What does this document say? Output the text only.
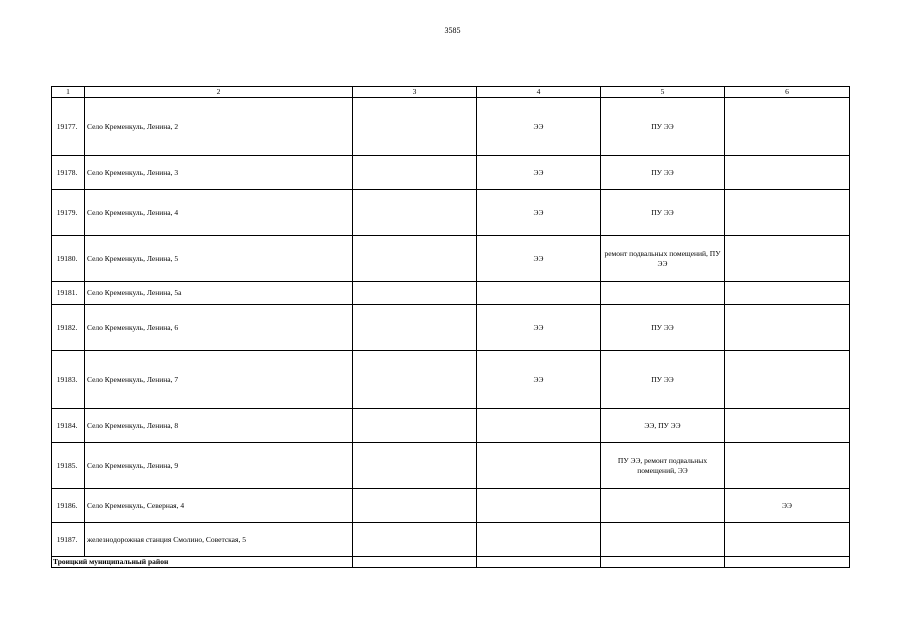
3585
1	2	3	4	5	6
19177.	Село Кременкуль, Ленина, 2		ЭЭ	ПУ ЭЭ	
19178.	Село Кременкуль, Ленина, 3		ЭЭ	ПУ ЭЭ	
19179.	Село Кременкуль, Ленина, 4		ЭЭ	ПУ ЭЭ	
19180.	Село Кременкуль, Ленина, 5		ЭЭ	ремонт подвальных помещений, ПУ ЭЭ	
19181.	Село Кременкуль, Ленина, 5а				
19182.	Село Кременкуль, Ленина, 6		ЭЭ	ПУ ЭЭ	
19183.	Село Кременкуль, Ленина, 7		ЭЭ	ПУ ЭЭ	
19184.	Село Кременкуль, Ленина, 8			ЭЭ, ПУ ЭЭ	
19185.	Село Кременкуль, Ленина, 9			ПУ ЭЭ, ремонт подвальных помещений, ЭЭ	
19186.	Село Кременкуль, Северная, 4				ЭЭ
19187.	железнодорожная станция Смолино, Советская, 5				
Троицкий муниципальный район					
